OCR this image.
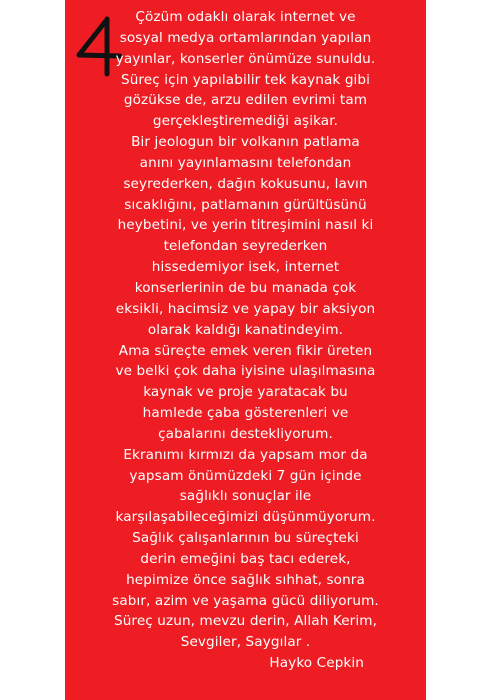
Çözüm odaklı olarak internet ve
sosyal medya ortamlarından yapılan
yayınlar, konserler önümüze sunuldu.
Süreç için yapılabilir tek kaynak gibi
gözükse de, arzu edilen evrimi tam
gerçekleştiremediği aşikar.
Bir jeologun bir volkanın patlama
anını yayınlamasını telefondan
seyrederken, dağın kokusunu, lavın
sıcaklığını, patlamanın gürültüsünü
heybetini, ve yerin titreşimini nasıl ki
telefondan seyrederken
hissedemiyor isek, internet
konserlerinin de bu manada çok
eksikli, hacimsiz ve yapay bir aksiyon
olarak kaldığı kanatindeyim.
Ama süreçte emek veren fikir üreten
ve belki çok daha iyisine ulaşılmasına
kaynak ve proje yaratacak bu
hamlede çaba gösterenleri ve
çabalarını destekliyorum.
Ekranımı kırmızı da yapsam mor da
yapsam önümüzdeki 7 gün içinde
sağlıklı sonuçlar ile
karşılaşabileceğimizi düşünmüyorum.
Sağlık çalışanlarının bu süreçteki
derin emeğini baş tacı ederek,
hepimize önce sağlık sıhhat, sonra
sabır, azim ve yaşama gücü diliyorum.
Süreç uzun, mevzu derin, Allah Kerim,
Sevgiler, Saygılar .
Hayko Cepkin
